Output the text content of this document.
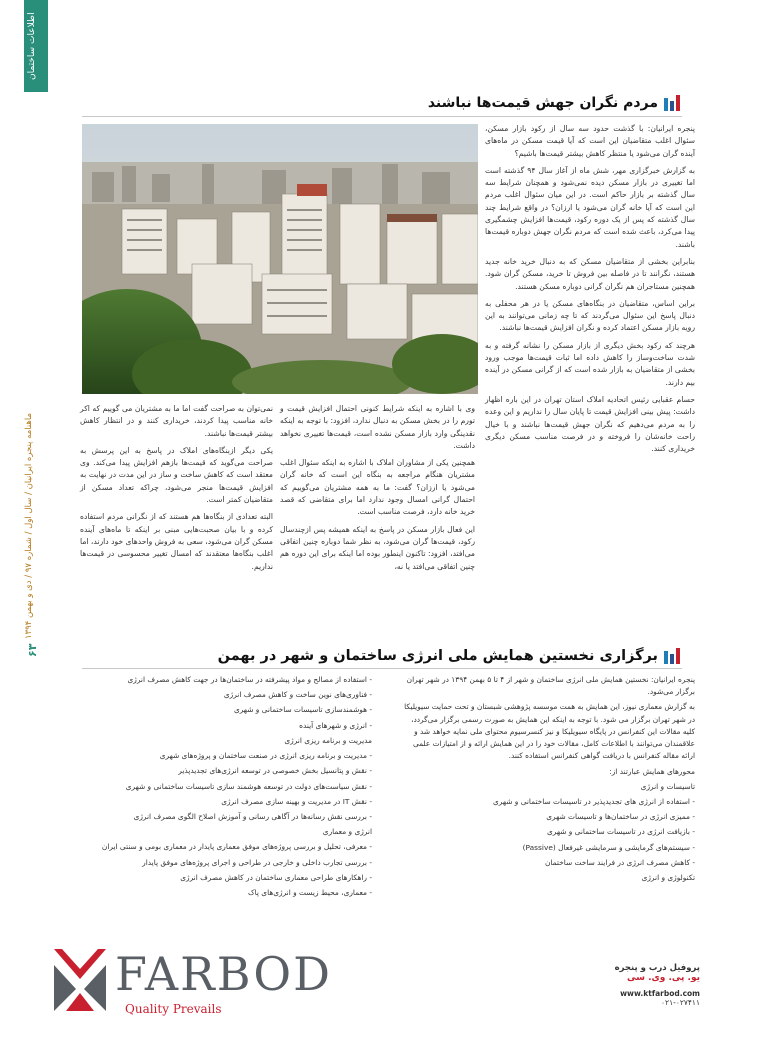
اطلاعات ساختمان
ماهنامه پنجره ایرانیان / سال اول / شماره ۹۷ / دی و بهمن ۱۳۹۴
۶۳
مردم نگران جهش قیمت‌ها نباشند

پنجره ایرانیان: با گذشت حدود سه سال از رکود بازار مسکن، سئوال اغلب متقاضیان این است که آیا قیمت مسکن در ماه‌های آینده گران می‌شود یا منتظر کاهش بیشتر قیمت‌ها باشیم؟

به گزارش خبرگزاری مهر، شش ماه از آغاز سال ۹۴ گذشته است اما تغییری در بازار مسکن دیده نمی‌شود و همچنان شرایط سه سال گذشته بر بازار حاکم است. در این میان سئوال اغلب مردم این است که آیا خانه گران می‌شود یا ارزان؟ در واقع شرایط چند سال گذشته که پس از یک دوره رکود، قیمت‌ها افزایش چشمگیری پیدا می‌کرد، باعث شده است که مردم نگران جهش دوباره قیمت‌ها باشند.

بنابراین بخشی از متقاضیان مسکن که به دنبال خرید خانه جدید هستند، نگرانند تا در فاصله بین فروش تا خرید، مسکن گران شود. همچنین مستاجران هم نگران گرانی دوباره مسکن هستند.

براین اساس، متقاضیان در بنگاه‌های مسکن یا در هر محفلی به دنبال پاسخ این سئوال می‌گردند که تا چه زمانی می‌توانند به این رویه بازار مسکن اعتماد کرده و نگران افزایش قیمت‌ها نباشند.

هرچند که رکود بخش دیگری از بازار مسکن را نشانه گرفته و به شدت ساخت‌وساز را کاهش داده اما ثبات قیمت‌ها موجب ورود بخشی از متقاضیان به بازار شده است که از گرانی مسکن در آینده بیم دارند.

حسام عقبایی رئیس اتحادیه املاک استان تهران در این باره اظهار داشت: پیش بینی افزایش قیمت تا پایان سال را نداریم و این وعده را به مردم می‌دهیم که نگران جهش قیمت‌ها نباشند و با خیال راحت خانه‌شان را فروخته و در فرصت مناسب مسکن دیگری خریداری کنند.

وی با اشاره به اینکه شرایط کنونی احتمال افزایش قیمت و تورم را در بخش مسکن به دنبال ندارد، افزود: با توجه به اینکه نقدینگی وارد بازار مسکن نشده است، قیمت‌ها تغییری نخواهد داشت.

همچنین یکی از مشاوران املاک با اشاره به اینکه سئوال اغلب مشتریان هنگام مراجعه به بنگاه این است که خانه گران می‌شود یا ارزان؟ گفت: ما به همه مشتریان می‌گوییم که احتمال گرانی امسال وجود ندارد اما برای متقاضی که قصد خرید خانه دارد، فرصت مناسب است.

این فعال بازار مسکن در پاسخ به اینکه همیشه پس ازچندسال رکود، قیمت‌ها گران می‌شود، به نظر شما دوباره چنین اتفاقی می‌افتد، افزود: تاکنون اینطور بوده اما اینکه برای این دوره هم چنین اتفاقی می‌افتد یا نه،

نمی‌توان به صراحت گفت اما ما به مشتریان می گوییم که اکر خانه مناسب پیدا کردند، خریداری کنند و در انتظار کاهش بیشتر قیمت‌ها نباشند.

یکی دیگر ازبنگاه‌های املاک در پاسخ به این پرسش به صراحت می‌گوید که قیمت‌ها بازهم افزایش پیدا می‌کند. وی معتقد است که کاهش ساخت و ساز در این مدت در نهایت به افزایش قیمت‌ها منجر می‌شود، چراکه تعداد مسکن از متقاضیان کمتر است.

البته تعدادی از بنگاه‌ها هم هستند که از نگرانی مردم استفاده کرده و با بیان صحبت‌هایی مبنی بر اینکه تا ماه‌های آینده مسکن گران می‌شود، سعی به فروش واحدهای خود دارند، اما اغلب بنگاه‌ها معتقدند که امسال تغییر محسوسی در قیمت‌ها نداریم.

برگزاری نخستین همایش ملی انرژی ساختمان و شهر در بهمن
پنجره ایرانیان: نخستین همایش ملی انرژی ساختمان و شهر از ۴ تا ۵ بهمن ۱۳۹۴ در شهر تهران برگزار می‌شود.
به گزارش معماری نیوز، این همایش به همت موسسه پژوهشی شبستان و تحت حمایت سیویلیکا در شهر تهران برگزار می شود. با توجه به اینکه این همایش به صورت رسمی برگزار می‌گردد، کلیه مقالات این کنفرانس در پایگاه سیویلیکا و نیز کنسرسیوم محتوای ملی نمایه خواهد شد و علاقمندان می‌توانند با اطلاعات کامل، مقالات خود را در این همایش ارائه و از امتیازات علمی ارائه مقاله کنفرانس با دریافت گواهی کنفرانس استفاده کنند.
محورهای همایش عبارتند از:
تاسیسات و انرژی
- استفاده از انرژی های تجدیدپذیر در تاسیسات ساختمانی و شهری
- مميزی انرژی در ساختمان‌ها و تاسیسات شهری
- بازیافت انرژی در تاسیسات ساختمانی و شهری
- سیستم‌های گرمایشی و سرمایشی غیرفعال (Passive)
- کاهش مصرف انرژی در فرایند ساخت ساختمان
تکنولوژی و انرژی
- استفاده از مصالح و مواد پیشرفته در ساختمان‌ها در جهت کاهش مصرف انرژی
- فناوری‌های نوین ساخت و کاهش مصرف انرژی
- هوشمندسازی تاسیسات ساختمانی و شهری
- انرژی و شهرهای آینده
مدیریت و برنامه ریزی انرژی
- مدیریت و برنامه ریزی انرژی در صنعت ساختمان و پروژه‌های شهری
- نقش و پتانسیل بخش خصوصی در توسعه انرژی‌های تجدیدپذیر
- نقش سیاست‌های دولت در توسعه هوشمند سازی تاسیسات ساختمانی و شهری
- نقش IT در مدیریت و بهینه سازی مصرف انرژی
- بررسی نقش رسانه‌ها در آگاهی رسانی و آموزش اصلاح الگوی مصرف انرژی
انرژی و معماری
- معرفی، تحلیل و بررسی پروژه‌های موفق معماری پایدار در معماری بومی و سنتی ایران
- بررسی تجارب داخلی و خارجی در طراحی و اجرای پروژه‌های موفق پایدار
- راهکارهای طراحی معماری ساختمان در کاهش مصرف انرژی
- معماری، محیط زیست و انرژی‌های پاک
FARBOD
Quality Prevails
پروفیل درب و پنجره
یو. پی. وی. سی
www.ktfarbod.com
۰۲۱-۰۲۷۴۱۱
